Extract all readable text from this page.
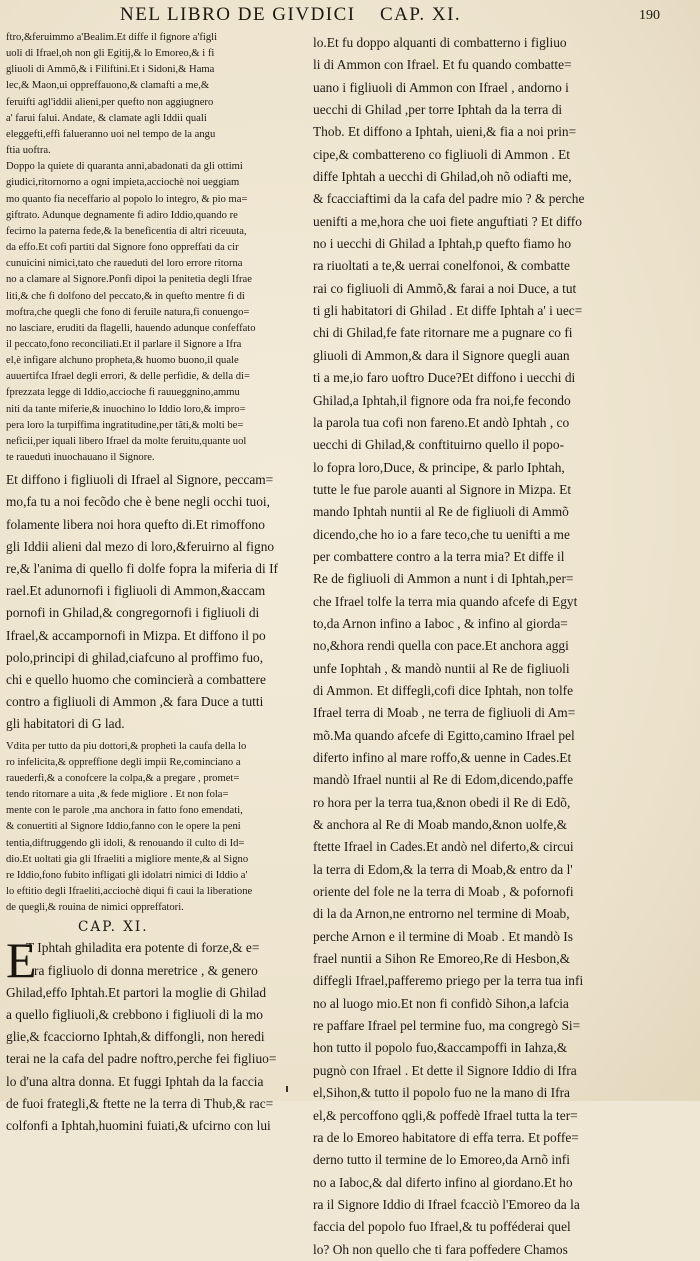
NEL LIBRO DE GIVDICI CAP. XI.	190
ftro,&feruimmo a'Bealim.Et diffe il fignore a'figli
uoli di Ifrael,oh non gli Egitij,& lo Emoreo,& i fi
gliuoli di Ammõ,& i Filiftini.Et i Sidoni,& Hama
lec,& Maon,ui oppreffauono,& clamafti a me,&
feruifti agl'iddii alieni,per quefto non aggiugnero
a' farui falui. Andate, & clamate agli Iddii quali
eleggefti,effi falueranno uoi nel tempo de la angu
ftia uoftra.
Doppo la quiete di quaranta anni,abadonati da gli ottimi
giudici,ritornorno a ogni impieta,acciochè noi ueggiam
mo quanto fia neceffario al popolo lo integro, & pio ma=
giftrato. Adunque degnamente fi adiro Iddio,quando re
fecirno la paterna fede,& la beneficentia di altri riceuuta,
da effo.Et cofi partiti dal Signore fono oppreffati da cir
cunuicini nimici,tato che rauedutì del loro errore ritorna
no a clamare al Signore.Ponfi dipoi la penitetia degli Ifrae
liti,& che fi dolfono del peccato,& in quefto mentre fi di
moftra,che quegli che fono di feruile natura,fi conuengo=
no lasciare, eruditi da flagelli, hauendo adunque confeffato
il peccato,fono reconciliati.Et il parlare il Signore a Ifra
el,è infigare alchuno propheta,& huomo buono,il quale
auuertifca Ifrael degli errori, & delle perfidie, & della di=
fprezzata legge di Iddio,accioche fi rauueggnino,ammu
niti da tante miferie,& inuochino lo Iddio loro,& impro=
pera loro la turpiffima ingratitudine,per tãti,& molti be=
neficii,per iquali libero Ifrael da molte feruitu,quante uol
te rauedutì inuochauano il Signore.
Et diffono i figliuoli di Ifrael al Signore, peccam=
mo,fa tu a noi fecõdo che è bene negli occhi tuoi,
folamente libera noi hora quefto di.Et rimoffono
gli Iddii alieni dal mezo di loro,&feruirno al figno
re,& l'anima di quello fi dolfe fopra la miferia di If
rael.Et adunornofi i figliuoli di Ammon,&accam
pornofi in Ghilad,& congregornofi i figliuoli di
Ifrael,& accampornofi in Mizpa. Et diffono il po
polo,principi di ghilad,ciafcuno al proffimo fuo,
chi e quello huomo che comincierà a combattere
contro a figliuoli di Ammon ,& fara Duce a tutti
gli habitatori di G lad.
Vdita per tutto da piu dottori,& prophetì la caufa della lo
ro infelicita,& oppreffione degli impii Re,cominciano a
rauederfi,& a conofcere la colpa,& a pregare , promet=
tendo ritornare a uita ,& fede migliore . Et non fola=
mente con le parole ,ma anchora in fatto fono emendati,
& conuertiti al Signore Iddio,fanno con le opere la peni
tentia,diftruggendo gli idoli, & renouando il culto di Id=
dio.Et uoltati gia gli Ifraeliti a migliore mente,& al Signo
re Iddio,fono fubito infligati gli idolatri nimici di Iddio a'
lo eftitio degli Ifraeliti,acciochè diqui fi caui la liberatione
de quegli,& rouina de nimici oppreffatori.
CAP. XI.
E
T Iphtah ghiladita era potente di forze,& e=
ra figliuolo di donna meretrice , & genero
Ghilad,effo Iphtah.Et partori la moglie di Ghilad
a quello figliuoli,& crebbono i figliuoli di la mo
glie,& fcacciorno Iphtah,& diffongli, non heredi
terai ne la cafa del padre noftro,perche fei figliuo=
lo d'una altra donna. Et fuggi Iphtah da la faccia
de fuoi frategli,& ftette ne la terra di Thub,& rac=
colfonfi a Iphtah,huomini fuiati,& ufcirno con lui
lo.Et fu doppo alquanti di combatterno i figliuo
li di Ammon con Ifrael. Et fu quando combatte=
uano i figliuoli di Ammon con Ifrael , andorno i
uecchi di Ghilad ,per torre Iphtah da la terra di
Thob. Et diffono a Iphtah, uieni,& fia a noi prin=
cipe,& combattereno co figliuoli di Ammon . Et
diffe Iphtah a uecchi di Ghilad,oh nõ odiafti me,
& fcacciaftimi da la cafa del padre mio ? & perche
uenifti a me,hora che uoi fiete anguftiati ? Et diffo
no i uecchi di Ghilad a Iphtah,p quefto fiamo ho
ra riuoltati a te,& uerrai conelfonoi, & combatte
rai co figliuoli di Ammõ,& farai a noi Duce, a tut
ti gli habitatori di Ghilad . Et diffe Iphtah a' i uec=
chi di Ghilad,fe fate ritornare me a pugnare co fi
gliuoli di Ammon,& dara il Signore quegli auan
ti a me,io faro uoftro Duce?Et diffono i uecchi di
Ghilad,a Iphtah,il fignore oda fra noi,fe fecondo
la parola tua cofi non fareno.Et andò Iphtah , co
uecchi di Ghilad,& conftituirno quello il popo-
lo fopra loro,Duce, & principe, & parlo Iphtah,
tutte le fue parole auanti al Signore in Mizpa. Et
mando Iphtah nuntii al Re de figliuoli di Ammõ
dicendo,che ho io a fare teco,che tu uenifti a me
per combattere contro a la terra mia? Et diffe il
Re de figliuoli di Ammon a nunt i di Iphtah,per=
che Ifrael tolfe la terra mia quando afcefe di Egyt
to,da Arnon infino a Iaboc , & infino al giorda=
no,&hora rendi quella con pace.Et anchora aggi
unfe Iophtah , & mandò nuntii al Re de figliuoli
di Ammon. Et diffegli,cofi dice Iphtah, non tolfe
Ifrael terra di Moab , ne terra de figliuoli di Am=
mõ.Ma quando afcefe di Egitto,camino Ifrael pel
diferto infino al mare roffo,& uenne in Cades.Et
mandò Ifrael nuntii al Re di Edom,dicendo,paffe
ro hora per la terra tua,&non obedi il Re di Edõ,
& anchora al Re di Moab mando,&non uolfe,&
ftette Ifrael in Cades.Et andò nel diferto,& circui
la terra di Edom,& la terra di Moab,& entro da l'
oriente del fole ne la terra di Moab , & pofornofi
di la da Arnon,ne entrorno nel termine di Moab,
perche Arnon e il termine di Moab . Et mandò Is
frael nuntii a Sihon Re Emoreo,Re di Hesbon,&
diffegli Ifrael,pafferemo priego per la terra tua infi
no al luogo mio.Et non fi confidò Sihon,a lafcia
re paffare Ifrael pel termine fuo, ma congregò Si=
hon tutto il popolo fuo,&accampoffi in Iahza,&
pugnò con Ifrael . Et dette il Signore Iddio di Ifra
el,Sihon,& tutto il popolo fuo ne la mano di Ifra
el,& percoffono qgli,& poffedè Ifrael tutta la ter=
ra de lo Emoreo habitatore di effa terra. Et poffe=
derno tutto il termine de lo Emoreo,da Arnõ infi
no a Iaboc,& dal diferto infino al giordano.Et ho
ra il Signore Iddio di Ifrael fcacciò l'Emoreo da la
faccia del popolo fuo Ifrael,& tu pofféderai quel
lo? Oh non quello che ti fara poffedere Chamos
